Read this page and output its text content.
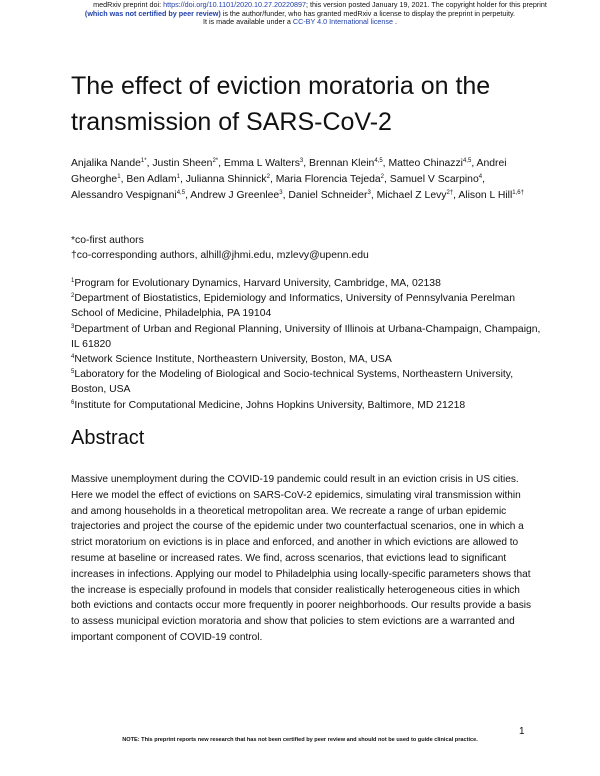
medRxiv preprint doi: https://doi.org/10.1101/2020.10.27.20220897; this version posted January 19, 2021. The copyright holder for this preprint
(which was not certified by peer review) is the author/funder, who has granted medRxiv a license to display the preprint in perpetuity.
It is made available under a CC-BY 4.0 International license .
The effect of eviction moratoria on the transmission of SARS-CoV-2

Anjalika Nande$^{1*}$, Justin Sheen$^{2*}$, Emma L Walters$^3$, Brennan Klein$^{4,5}$, Matteo Chinazzi$^{4,5}$, Andrei Gheorghe$^1$, Ben Adlam$^1$, Julianna Shinnick$^2$, Maria Florencia Tejeda$^2$, Samuel V Scarpino$^4$, Alessandro Vespignani$^{4,5}$, Andrew J Greenlee$^3$, Daniel Schneider$^3$, Michael Z Levy$^{2\dagger}$, Alison L Hill$^{1,6\dagger}$

*co-first authors
†co-corresponding authors, alhill@jhmi.edu, mzlevy@upenn.edu

$^1$Program for Evolutionary Dynamics, Harvard University, Cambridge, MA, 02138

$^2$Department of Biostatistics, Epidemiology and Informatics, University of Pennsylvania Perelman School of Medicine, Philadelphia, PA 19104

$^3$Department of Urban and Regional Planning, University of Illinois at Urbana-Champaign, Champaign, IL 61820

$^4$Network Science Institute, Northeastern University, Boston, MA, USA

$^5$Laboratory for the Modeling of Biological and Socio-technical Systems, Northeastern University, Boston, USA

$^6$Institute for Computational Medicine, Johns Hopkins University, Baltimore, MD 21218

Abstract

Massive unemployment during the COVID-19 pandemic could result in an eviction crisis in US cities. Here we model the effect of evictions on SARS-CoV-2 epidemics, simulating viral transmission within and among households in a theoretical metropolitan area. We recreate a range of urban epidemic trajectories and project the course of the epidemic under two counterfactual scenarios, one in which a strict moratorium on evictions is in place and enforced, and another in which evictions are allowed to resume at baseline or increased rates. We find, across scenarios, that evictions lead to significant increases in infections. Applying our model to Philadelphia using locally-specific parameters shows that the increase is especially profound in models that consider realistically heterogeneous cities in which both evictions and contacts occur more frequently in poorer neighborhoods. Our results provide a basis to assess municipal eviction moratoria and show that policies to stem evictions are a warranted and important component of COVID-19 control.

1
NOTE: This preprint reports new research that has not been certified by peer review and should not be used to guide clinical practice.
